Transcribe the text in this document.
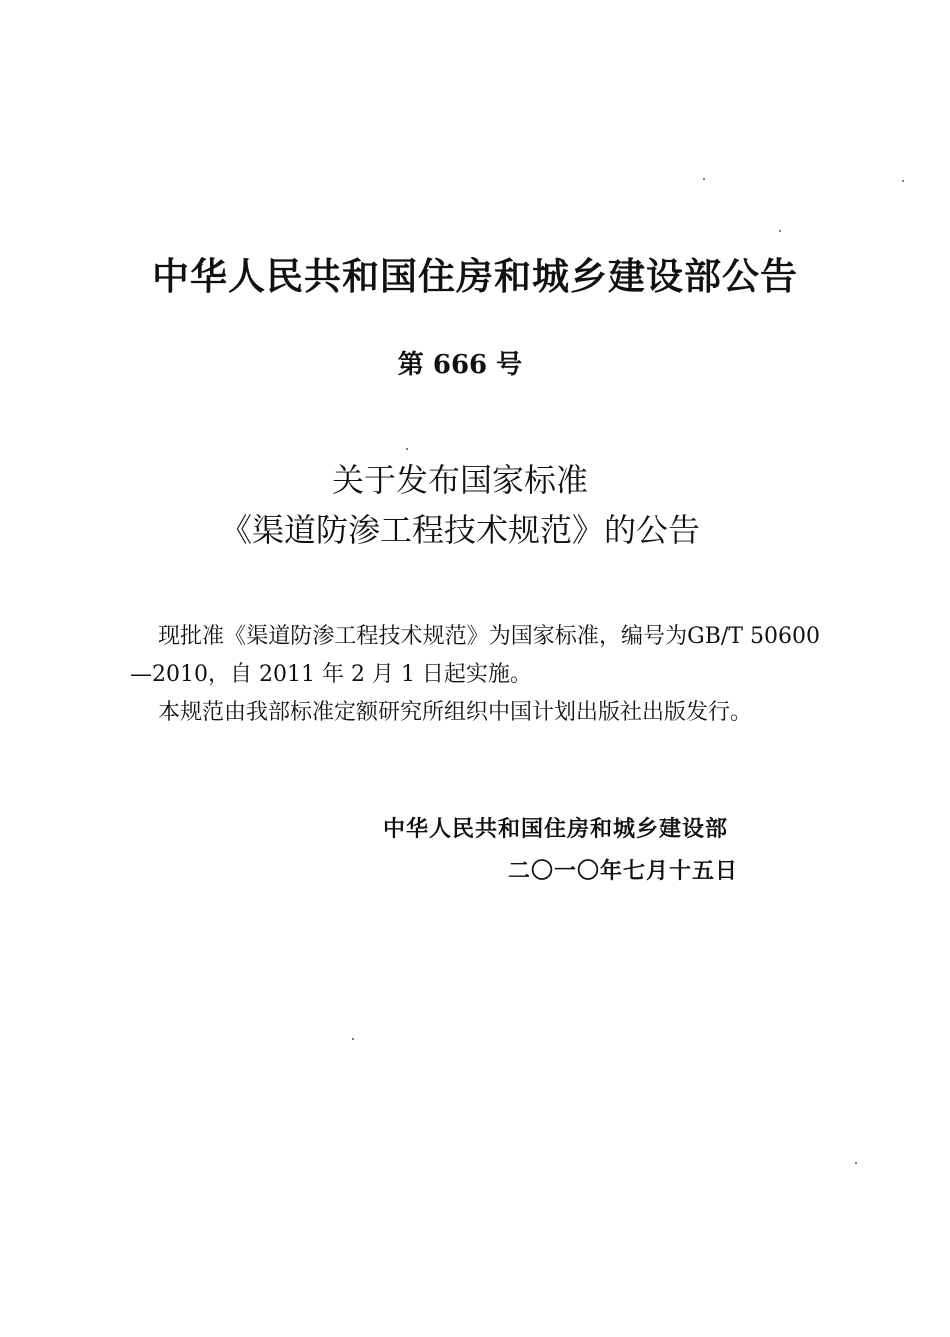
中华人民共和国住房和城乡建设部公告
第 666 号
关于发布国家标准
《渠道防渗工程技术规范》的公告

现批准《渠道防渗工程技术规范》为国家标准，编号为GB/T 50600—2010，自 2011 年 2 月 1 日起实施。

本规范由我部标准定额研究所组织中国计划出版社出版发行。

中华人民共和国住房和城乡建设部
二〇一〇年七月十五日
